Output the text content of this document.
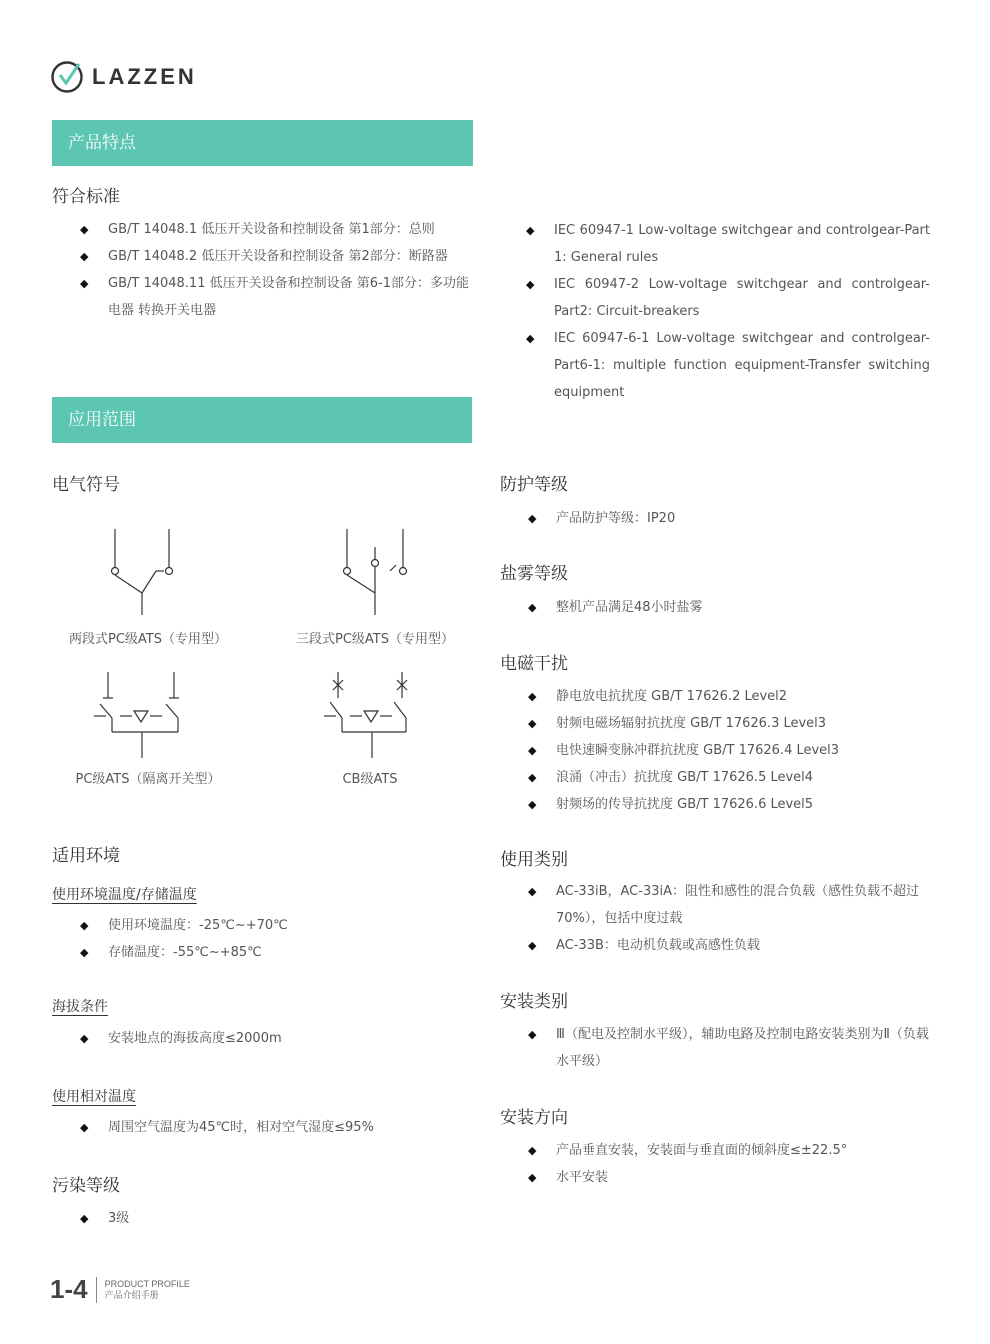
LAZZEN
产品特点
符合标准
◆ GB/T 14048.1 低压开关设备和控制设备 第1部分：总则
◆ GB/T 14048.2 低压开关设备和控制设备 第2部分：断路器
◆ GB/T 14048.11 低压开关设备和控制设备 第6-1部分：多功能电器 转换开关电器
◆ IEC 60947-1 Low-voltage switchgear and controlgear-Part 1: General rules
◆ IEC 60947-2 Low-voltage switchgear and controlgear-Part2: Circuit-breakers
◆ IEC 60947-6-1 Low-voltage switchgear and controlgear-Part6-1: multiple function equipment-Transfer switching equipment
应用范围
电气符号
两段式PC级ATS（专用型）	三段式PC级ATS（专用型）
PC级ATS（隔离开关型）	CB级ATS
适用环境
使用环境温度/存储温度
◆ 使用环境温度：-25℃~+70℃
◆ 存储温度：-55℃~+85℃
海拔条件
◆ 安装地点的海拔高度≤2000m
使用相对温度
◆ 周围空气温度为45℃时，相对空气湿度≤95%
污染等级
◆ 3级
防护等级
◆ 产品防护等级：IP20
盐雾等级
◆ 整机产品满足48小时盐雾
电磁干扰
◆ 静电放电抗扰度 GB/T 17626.2 Level2
◆ 射频电磁场辐射抗扰度 GB/T 17626.3 Level3
◆ 电快速瞬变脉冲群抗扰度 GB/T 17626.4 Level3
◆ 浪涌（冲击）抗扰度 GB/T 17626.5 Level4
◆ 射频场的传导抗扰度 GB/T 17626.6 Level5
使用类别
◆ AC-33iB，AC-33iA：阻性和感性的混合负载（感性负载不超过70%），包括中度过载
◆ AC-33B：电动机负载或高感性负载
安装类别
◆ Ⅲ（配电及控制水平级），辅助电路及控制电路安装类别为Ⅱ（负载水平级）
安装方向
◆ 产品垂直安装，安装面与垂直面的倾斜度≤±22.5°
◆ 水平安装
1-4 PRODUCT PROFILE
产品介绍手册
